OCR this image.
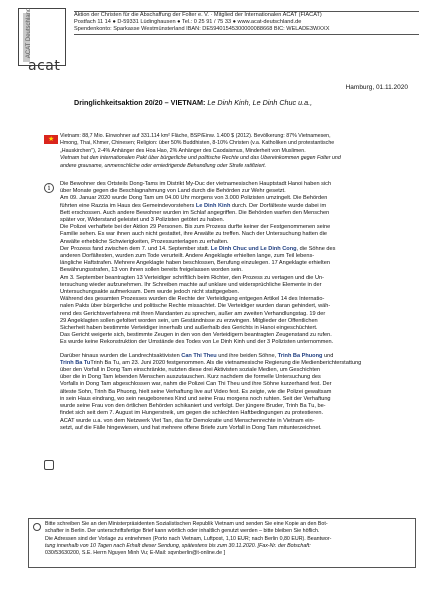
ACAT Deutschland
acat
Aktion der Christen für die Abschaffung der Folter e. V. · Mitglied der Internationalen ACAT (FIACAT)
Postfach 11 14 ● D-59331 Lüdinghausen ● Tel.: 0 25 91 / 75 33 ● www.acat-deutschland.de
Spendenkonto: Sparkasse Westmünsterland IBAN: DE59401545300000088668 BIC: WELADE3WXXX
Hamburg, 01.11.2020
Dringlichkeitsaktion 20/20 – VIETNAM: Le Dinh Kinh, Le Dinh Chuc u.a.,
★ Vietnam: 88,7 Mio. Einwohner auf 331.114 km² Fläche, BSP/Einw. 1.400 $ (2012). Bevölkerung: 87% Vietnamesen,
Hmong, Thai, Khmer, Chinesen; Religion: über 50% Buddhisten, 8-10% Christen (v.a. Katholiken und protestantische
„Hauskirchen"), 2-4% Anhänger des Hoa Hao, 2% Anhänger des Caodaismus, Minderheit von Muslimen.
Vietnam hat den internationalen Pakt über bürgerliche und politische Rechte und das Übereinkommen gegen Folter und
andere grausame, unmenschliche oder erniedrigende Behandlung oder Strafe ratifiziert.
i	Die Bewohner des Ortsteils Dong-Tams im Distrikt My-Duc der vietnamesischen Hauptstadt Hanoi haben sich
über Monate gegen die Beschlagnahmung von Land durch die Behörden zur Wehr gesetzt.
Am 09. Januar 2020 wurde Dong Tam um 04.00 Uhr morgens von 3.000 Polizisten umzingelt. Die Behörden
führten eine Razzia im Haus des Gemeindevorstehers Le Dinh Kinh durch. Der Dorfälteste wurde dabei im
Bett erschossen. Auch andere Bewohner wurden im Schlaf angegriffen. Die Behörden warfen den Menschen
später vor, Widerstand geleistet und 3 Polizisten getötet zu haben.
Die Polizei verhaftete bei der Aktion 29 Personen. Bis zum Prozess durfte keiner der Festgenommenen seine
Familie sehen. Es war ihnen auch nicht gestattet, ihre Anwälte zu treffen. Nach der Untersuchung hatten die
Anwälte erhebliche Schwierigkeiten, Prozessunterlagen zu erhalten.
Der Prozess fand zwischen dem 7. und 14. September statt. Le Dinh Chuc und Le Dinh Cong, die Söhne des
anderen Dorfältesten, wurden zum Tode verurteilt. Andere Angeklagte erhielten lange, zum Teil lebens-
längliche Haftstrafen. Mehrere Angeklagte haben beschlossen, Berufung einzulegen. 17 Angeklagte erhielten
Bewährungsstrafen, 13 von ihnen sollen bereits freigelassen worden sein.
Am 3. September beantragten 13 Verteidiger schriftlich beim Richter, den Prozess zu vertagen und die Un-
tersuchung wieder aufzunehmen. Ihr Schreiben machte auf unklare und widersprüchliche Elemente in der
Untersuchungsakte aufmerksam. Dem wurde jedoch nicht stattgegeben.
Während des gesamten Prozesses wurden die Rechte der Verteidigung entgegen Artikel 14 des Internatio-
nalen Pakts über bürgerliche und politische Rechte missachtet. Die Verteidiger wurden daran gehindert, wäh-
rend des Gerichtsverfahrens mit ihren Mandanten zu sprechen, außer am zweiten Verhandlungstag. 19 der
29 Angeklagten sollen gefoltert worden sein, um Geständnisse zu erzwingen. Mitglieder der Öffentlichen
Sicherheit haben bestimmte Verteidiger innerhalb und außerhalb des Gerichts in Hanoi eingeschüchtert.
Das Gericht weigerte sich, bestimmte Zeugen in den von den Verteidigern beantragten Zeugenstand zu rufen.
Es wurde keine Rekonstruktion der Umstände des Todes von Le Dinh Kinh und der 3 Polizisten unternommen.
Darüber hinaus wurden die Landrechtsaktivisten Can Thi Theu und ihre beiden Söhne, Trinh Ba Phuong und
Trinh Ba TuTrinh Ba Tu, am 23. Juni 2020 festgenommen. Als die vietnamesische Regierung die Medienberichterstattung
über den Vorfall in Dong Tam einschränkte, nutzten diese drei Aktivisten soziale Medien, um Geschichten
über die in Dong Tam lebenden Menschen auszutauschen. Kurz nachdem die formelle Untersuchung des
Vorfalls in Dong Tam abgeschlossen war, nahm die Polizei Can Thi Theu und ihre Söhne kurzerhand fest. Der
älteste Sohn, Trinh Ba Phuong, hielt seine Verhaftung live auf Video fest. Es zeigte, wie die Polizei gewaltsam
in sein Haus eindrang, wo sein neugeborenes Kind und seine Frau morgens noch ruhten. Seit der Verhaftung
wurde seine Frau von den örtlichen Behörden schikaniert und verfolgt. Der jüngere Bruder, Trinh Ba Tu, be-
findet sich seit dem 7. August im Hungerstreik, um gegen die schlechten Haftbedingungen zu protestieren.
ACAT wurde u.a. von dem Netzwerk Viet Tan, das für Demokratie und Menschenrechte in Vietnam ein-
setzt, auf die Fälle hingewiesen, und hat mehrere offene Briefe zum Vorfall in Dong Tam mitunterzeichnet.
Bitte schreiben Sie an den Ministerpräsidenten Sozialistischen Republik Vietnam und senden Sie eine Kopie an den Bot-
schafter in Berlin. Der unterschriftsfertige Brief kann wörtlich oder inhaltlich genutzt werden – bitte bleiben Sie höflich.
Die Adressen sind der Vorlage zu entnehmen (Porto nach Vietnam, Luftpost, 1,10 EUR; nach Berlin 0,80 EUR). Beantwor-
tung innerhalb von 10 Tagen nach Erhalt dieser Sendung, spätestens bis zum 30.11.2020. [Fax-Nr. der Botschaft:
030/53630200, S.E. Herrn Nguyen Minh Vu; E-Mail: sqvnberlin@t-online.de ]
